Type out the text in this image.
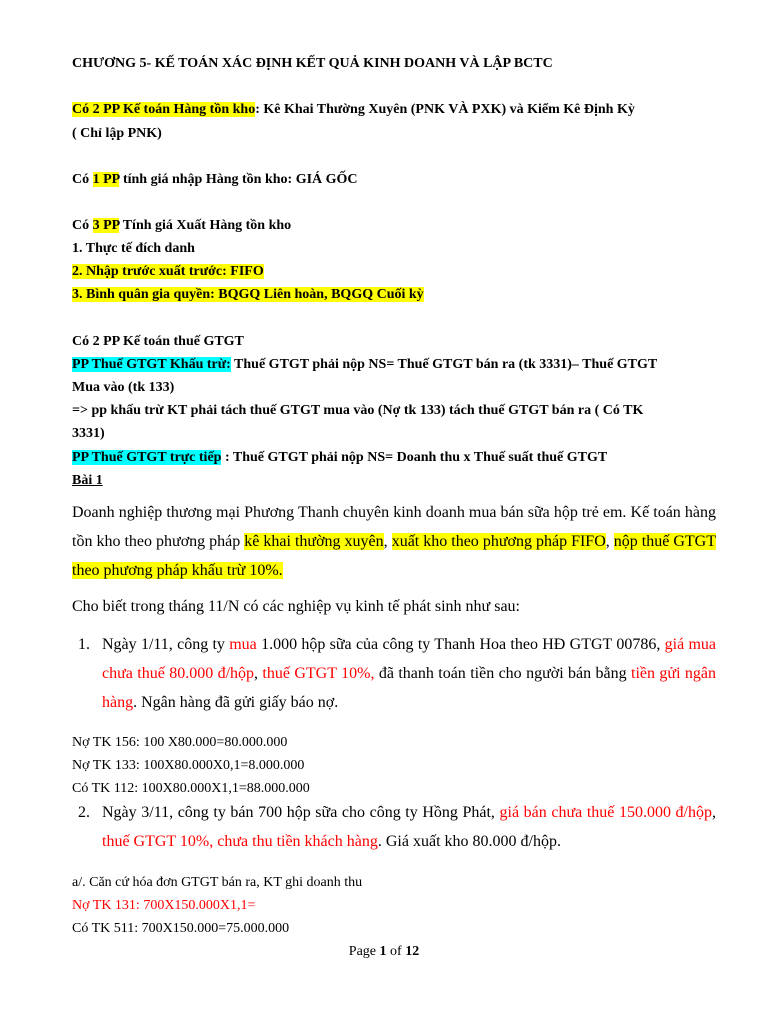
CHƯƠNG 5- KẾ TOÁN XÁC ĐỊNH KẾT QUẢ KINH DOANH VÀ LẬP BCTC
Có 2 PP Kế toán Hàng tồn kho: Kê Khai Thường Xuyên (PNK VÀ PXK) và Kiểm Kê Định Kỳ
( Chỉ lập PNK)
Có 1 PP tính giá nhập Hàng tồn kho: GIÁ GỐC
Có 3 PP Tính giá Xuất Hàng tồn kho
1. Thực tế đích danh
2. Nhập trước xuất trước: FIFO
3. Bình quân gia quyền: BQGQ Liên hoàn, BQGQ Cuối kỳ
Có 2 PP Kế toán thuế GTGT
PP Thuế GTGT Khấu trừ: Thuế GTGT phải nộp NS= Thuế GTGT bán ra (tk 3331)– Thuế GTGT
Mua vào (tk 133)
=> pp khấu trừ KT phải tách thuế GTGT mua vào (Nợ tk 133) tách thuế GTGT bán ra ( Có TK
3331)
PP Thuế GTGT trực tiếp : Thuế GTGT phải nộp NS= Doanh thu x Thuế suất thuế GTGT
Bài 1
Doanh nghiệp thương mại Phương Thanh chuyên kinh doanh mua bán sữa hộp trẻ em. Kế toán hàng tồn kho theo phương pháp kê khai thường xuyên, xuất kho theo phương pháp FIFO, nộp thuế GTGT theo phương pháp khấu trừ 10%.
Cho biết trong tháng 11/N có các nghiệp vụ kinh tế phát sinh như sau:
1. Ngày 1/11, công ty mua 1.000 hộp sữa của công ty Thanh Hoa theo HĐ GTGT 00786, giá mua chưa thuế 80.000 đ/hộp, thuế GTGT 10%, đã thanh toán tiền cho người bán bằng tiền gửi ngân hàng. Ngân hàng đã gửi giấy báo nợ.
Nợ TK 156: 100 X80.000=80.000.000
Nợ TK 133: 100X80.000X0,1=8.000.000
Có TK 112: 100X80.000X1,1=88.000.000
2. Ngày 3/11, công ty bán 700 hộp sữa cho công ty Hồng Phát, giá bán chưa thuế 150.000 đ/hộp, thuế GTGT 10%, chưa thu tiền khách hàng. Giá xuất kho 80.000 đ/hộp.
a/. Căn cứ hóa đơn GTGT bán ra, KT ghi doanh thu
Nợ TK 131: 700X150.000X1,1=
Có TK 511: 700X150.000=75.000.000
Page 1 of 12
